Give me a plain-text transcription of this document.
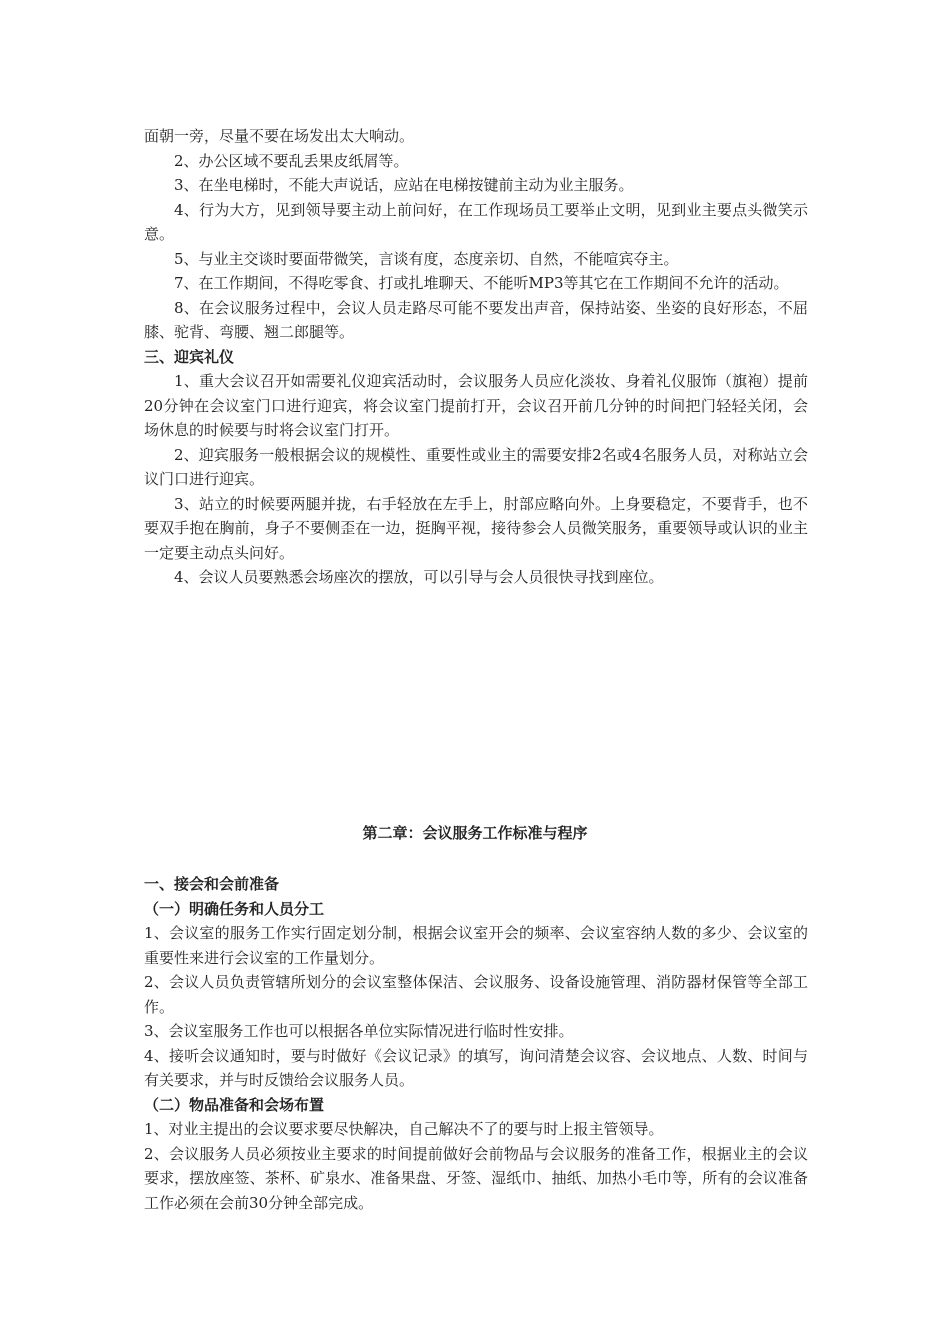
面朝一旁，尽量不要在场发出太大响动。

2、办公区域不要乱丢果皮纸屑等。

3、在坐电梯时，不能大声说话，应站在电梯按键前主动为业主服务。

4、行为大方，见到领导要主动上前问好，在工作现场员工要举止文明，见到业主要点头微笑示意。

5、与业主交谈时要面带微笑，言谈有度，态度亲切、自然，不能喧宾夺主。

7、在工作期间，不得吃零食、打或扎堆聊天、不能听MP3等其它在工作期间不允许的活动。

8、在会议服务过程中，会议人员走路尽可能不要发出声音，保持站姿、坐姿的良好形态，不屈膝、驼背、弯腰、翘二郎腿等。

三、迎宾礼仪

1、重大会议召开如需要礼仪迎宾活动时，会议服务人员应化淡妆、身着礼仪服饰（旗袍）提前20分钟在会议室门口进行迎宾，将会议室门提前打开，会议召开前几分钟的时间把门轻轻关闭，会场休息的时候要与时将会议室门打开。

2、迎宾服务一般根据会议的规模性、重要性或业主的需要安排2名或4名服务人员，对称站立会议门口进行迎宾。

3、站立的时候要两腿并拢，右手轻放在左手上，肘部应略向外。上身要稳定，不要背手，也不要双手抱在胸前，身子不要侧歪在一边，挺胸平视，接待参会人员微笑服务，重要领导或认识的业主一定要主动点头问好。

4、会议人员要熟悉会场座次的摆放，可以引导与会人员很快寻找到座位。

第二章：会议服务工作标准与程序

一、接会和会前准备

（一）明确任务和人员分工

1、会议室的服务工作实行固定划分制，根据会议室开会的频率、会议室容纳人数的多少、会议室的重要性来进行会议室的工作量划分。

2、会议人员负责管辖所划分的会议室整体保洁、会议服务、设备设施管理、消防器材保管等全部工作。

3、会议室服务工作也可以根据各单位实际情况进行临时性安排。

4、接听会议通知时，要与时做好《会议记录》的填写，询问清楚会议容、会议地点、人数、时间与有关要求，并与时反馈给会议服务人员。

（二）物品准备和会场布置

1、对业主提出的会议要求要尽快解决，自己解决不了的要与时上报主管领导。

2、会议服务人员必须按业主要求的时间提前做好会前物品与会议服务的准备工作，根据业主的会议要求，摆放座签、茶杯、矿泉水、准备果盘、牙签、湿纸巾、抽纸、加热小毛巾等，所有的会议准备工作必须在会前30分钟全部完成。
